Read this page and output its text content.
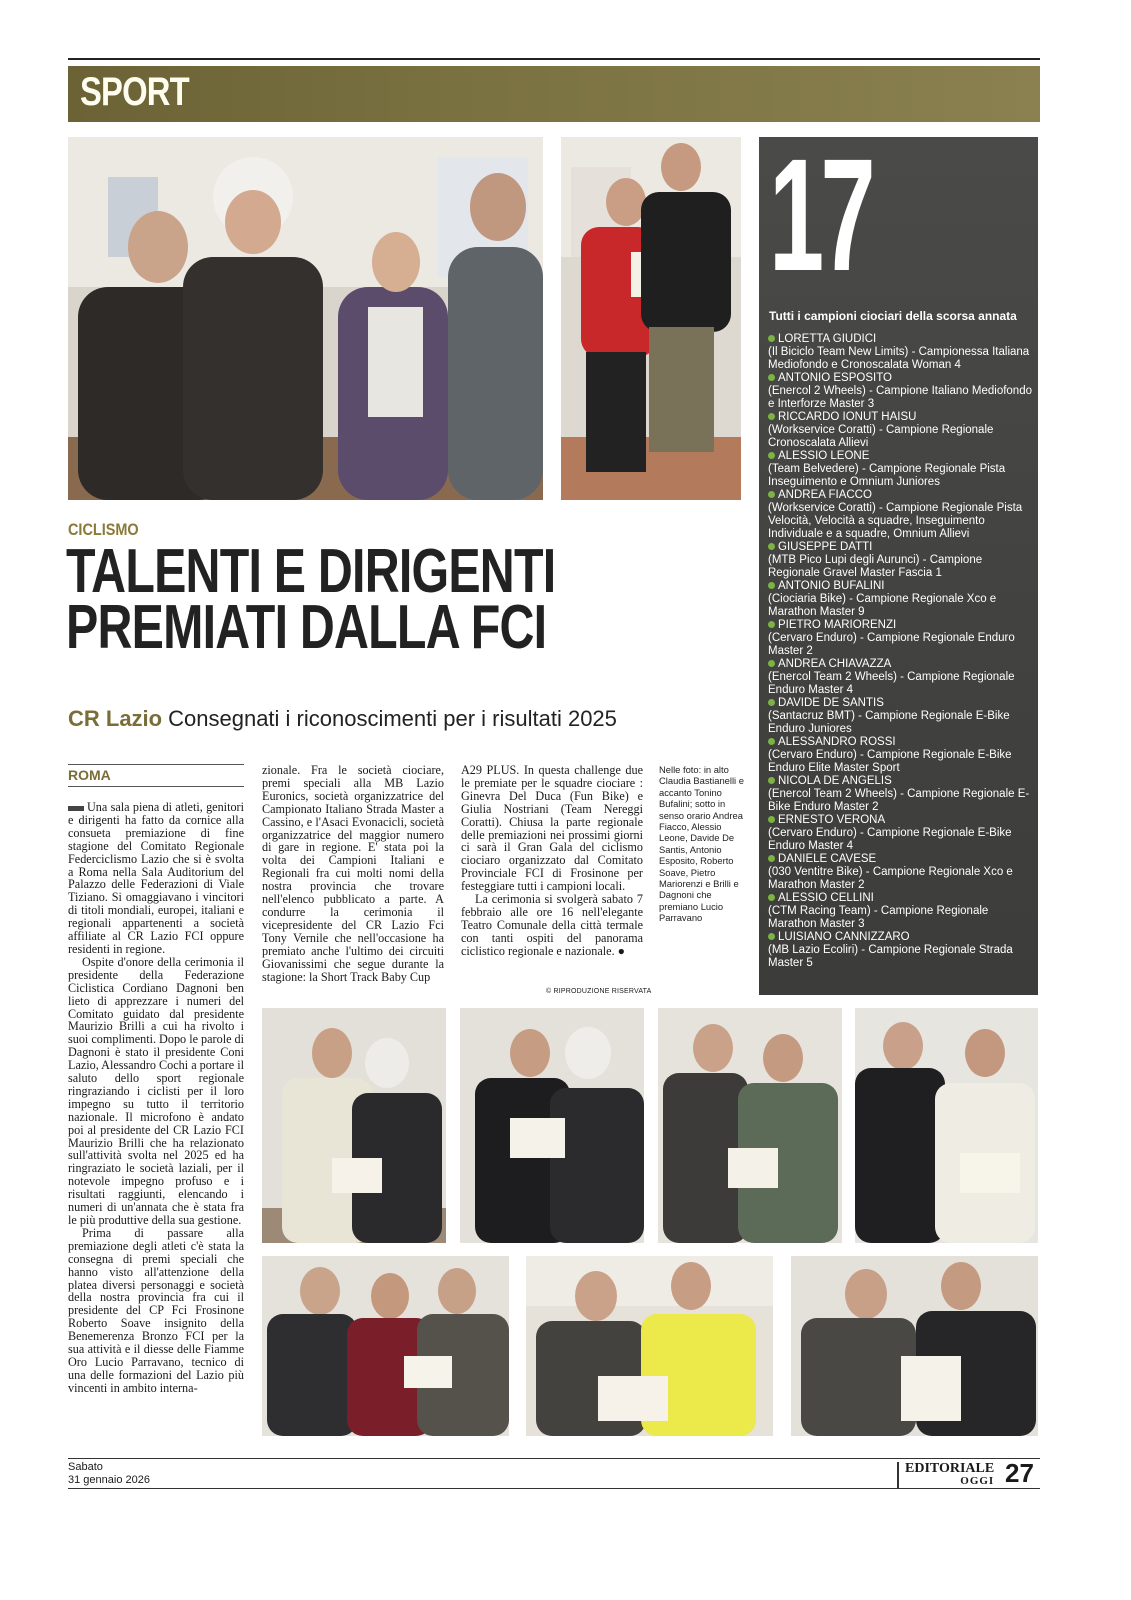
SPORT
17
Tutti i campioni ciociari della scorsa annata
LORETTA GIUDICI
(Il Biciclo Team New Limits) - Campionessa Italiana Mediofondo e Cronoscalata Woman 4
ANTONIO ESPOSITO
(Enercol 2 Wheels) - Campione Italiano Mediofondo e Interforze Master 3
RICCARDO IONUT HAISU
(Workservice Coratti) - Campione Regionale Cronoscalata Allievi
ALESSIO LEONE
(Team Belvedere) - Campione Regionale Pista Inseguimento e Omnium Juniores
ANDREA FIACCO
(Workservice Coratti) - Campione Regionale Pista Velocità, Velocità a squadre, Inseguimento Individuale e a squadre, Omnium Allievi
GIUSEPPE DATTI
(MTB Pico Lupi degli Aurunci) - Campione Regionale Gravel Master Fascia 1
ANTONIO BUFALINI
(Ciociaria Bike) - Campione Regionale Xco e Marathon Master 9
PIETRO MARIORENZI
(Cervaro Enduro) - Campione Regionale Enduro Master 2
ANDREA CHIAVAZZA
(Enercol Team 2 Wheels) - Campione Regionale Enduro Master 4
DAVIDE DE SANTIS
(Santacruz BMT) - Campione Regionale E-Bike Enduro Juniores
ALESSANDRO ROSSI
(Cervaro Enduro) - Campione Regionale E-Bike Enduro Elite Master Sport
NICOLA DE ANGELIS
(Enercol Team 2 Wheels) - Campione Regionale E-Bike Enduro Master 2
ERNESTO VERONA
(Cervaro Enduro) - Campione Regionale E-Bike Enduro Master 4
DANIELE CAVESE
(030 Ventitre Bike) - Campione Regionale Xco e Marathon Master 2
ALESSIO CELLINI
(CTM Racing Team) - Campione Regionale Marathon Master 3
LUISIANO CANNIZZARO
(MB Lazio Ecoliri) - Campione Regionale Strada Master 5
CICLISMO
TALENTI E DIRIGENTI
PREMIATI DALLA FCI
CR Lazio Consegnati i riconoscimenti per i risultati 2025
ROMA

Una sala piena di atleti, genitori e dirigenti ha fatto da cornice alla consueta premiazione di fine stagione del Comitato Regionale Federciclismo Lazio che si è svolta a Roma nella Sala Auditorium del Palazzo delle Federazioni di Viale Tiziano. Si omaggiavano i vincitori di titoli mondiali, europei, italiani e regionali appartenenti a società affiliate al CR Lazio FCI oppure residenti in regione.

Ospite d'onore della cerimonia il presidente della Federazione Ciclistica Cordiano Dagnoni ben lieto di apprezzare i numeri del Comitato guidato dal presidente Maurizio Brilli a cui ha rivolto i suoi complimenti. Dopo le parole di Dagnoni è stato il presidente Coni Lazio, Alessandro Cochi a portare il saluto dello sport regionale ringraziando i ciclisti per il loro impegno su tutto il territorio nazionale. Il microfono è andato poi al presidente del CR Lazio FCI Maurizio Brilli che ha relazionato sull'attività svolta nel 2025 ed ha ringraziato le società laziali, per il notevole impegno profuso e i risultati raggiunti, elencando i numeri di un'annata che è stata fra le più produttive della sua gestione.

Prima di passare alla premiazione degli atleti c'è stata la consegna di premi speciali che hanno visto all'attenzione della platea diversi personaggi e società della nostra provincia fra cui il presidente del CP Fci Frosinone Roberto Soave insignito della Benemerenza Bronzo FCI per la sua attività e il diesse delle Fiamme Oro Lucio Parravano, tecnico di una delle formazioni del Lazio più vincenti in ambito interna-

zionale. Fra le società ciociare, premi speciali alla MB Lazio Euronics, società organizzatrice del Campionato Italiano Strada Master a Cassino, e l'Asaci Evonacicli, società organizzatrice del maggior numero di gare in regione. E' stata poi la volta dei Campioni Italiani e Regionali fra cui molti nomi della nostra provincia che trovare nell'elenco pubblicato a parte. A condurre la cerimonia il vicepresidente del CR Lazio Fci Tony Vernile che nell'occasione ha premiato anche l'ultimo dei circuiti Giovanissimi che segue durante la stagione: la Short Track Baby Cup

A29 PLUS. In questa challenge due le premiate per le squadre ciociare : Ginevra Del Duca (Fun Bike) e Giulia Nostriani (Team Nereggi Coratti). Chiusa la parte regionale delle premiazioni nei prossimi giorni ci sarà il Gran Gala del ciclismo ciociaro organizzato dal Comitato Provinciale FCI di Frosinone per festeggiare tutti i campioni locali.

La cerimonia si svolgerà sabato 7 febbraio alle ore 16 nell'elegante Teatro Comunale della città termale con tanti ospiti del panorama ciclistico regionale e nazionale. ●

© RIPRODUZIONE RISERVATA
Nelle foto: in alto Claudia Bastianelli e accanto Tonino Bufalini; sotto in senso orario Andrea Fiacco, Alessio Leone, Davide De Santis, Antonio Esposito, Roberto Soave, Pietro Mariorenzi e Brilli e Dagnoni che premiano Lucio Parravano
Sabato
31 gennaio 2026
EDITORIALE
OGGI 27
